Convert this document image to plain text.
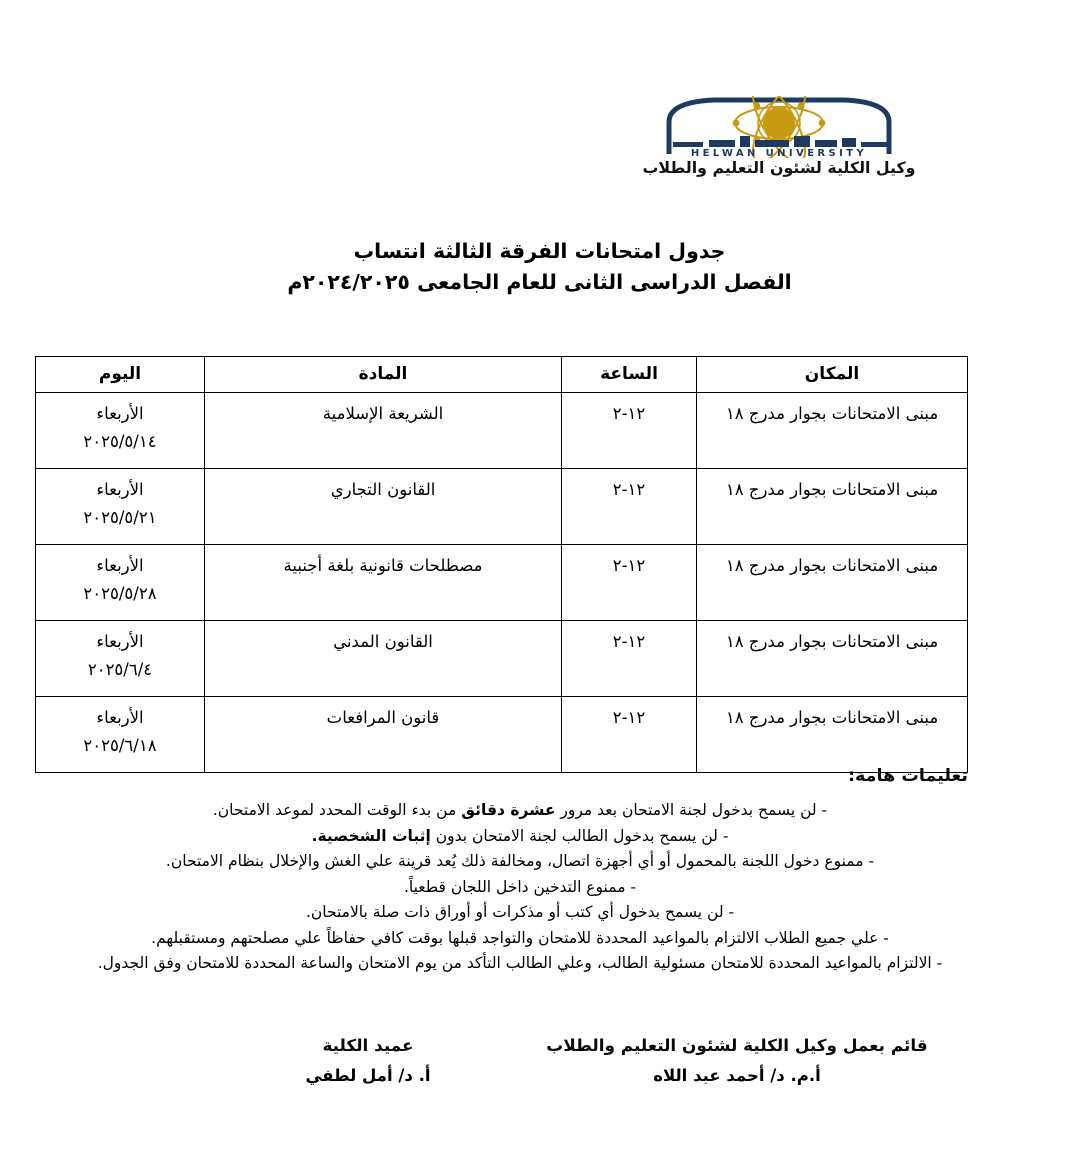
HELWAN UNIVERSITY
وكيل الكلية لشئون التعليم والطلاب
جدول امتحانات الفرقة الثالثة انتساب
الفصل الدراسى الثانى للعام الجامعى ٢٠٢٤/٢٠٢٥م
المكان	الساعة	المادة	اليوم
مبنى الامتحانات بجوار مدرج ١٨	١٢-٢	الشريعة الإسلامية	الأربعاء
٢٠٢٥/٥/١٤

مبنى الامتحانات بجوار مدرج ١٨	١٢-٢	القانون التجاري	الأربعاء
٢٠٢٥/٥/٢١

مبنى الامتحانات بجوار مدرج ١٨	١٢-٢	مصطلحات قانونية بلغة أجنبية	الأربعاء
٢٠٢٥/٥/٢٨

مبنى الامتحانات بجوار مدرج ١٨	١٢-٢	القانون المدني	الأربعاء
٢٠٢٥/٦/٤

مبنى الامتحانات بجوار مدرج ١٨	١٢-٢	قانون المرافعات	الأربعاء
٢٠٢٥/٦/١٨
تعليمات هامة:
- لن يسمح بدخول لجنة الامتحان بعد مرور عشرة دقائق من بدء الوقت المحدد لموعد الامتحان.
- لن يسمح بدخول الطالب لجنة الامتحان بدون إثبات الشخصية.
- ممنوع دخول اللجنة بالمحمول أو أي أجهزة اتصال، ومخالفة ذلك يُعد قرينة علي الغش والإخلال بنظام الامتحان.
- ممنوع التدخين داخل اللجان قطعياً.
- لن يسمح بدخول أي كتب أو مذكرات أو أوراق ذات صلة بالامتحان.
- علي جميع الطلاب الالتزام بالمواعيد المحددة للامتحان والتواجد قبلها بوقت كافي حفاظاً علي مصلحتهم ومستقبلهم.
- الالتزام بالمواعيد المحددة للامتحان مسئولية الطالب، وعلي الطالب التأكد من يوم الامتحان والساعة المحددة للامتحان وفق الجدول.
قائم بعمل وكيل الكلية لشئون التعليم والطلاب
أ.م. د/ أحمد عبد اللاه
عميد الكلية
أ. د/ أمل لطفي
